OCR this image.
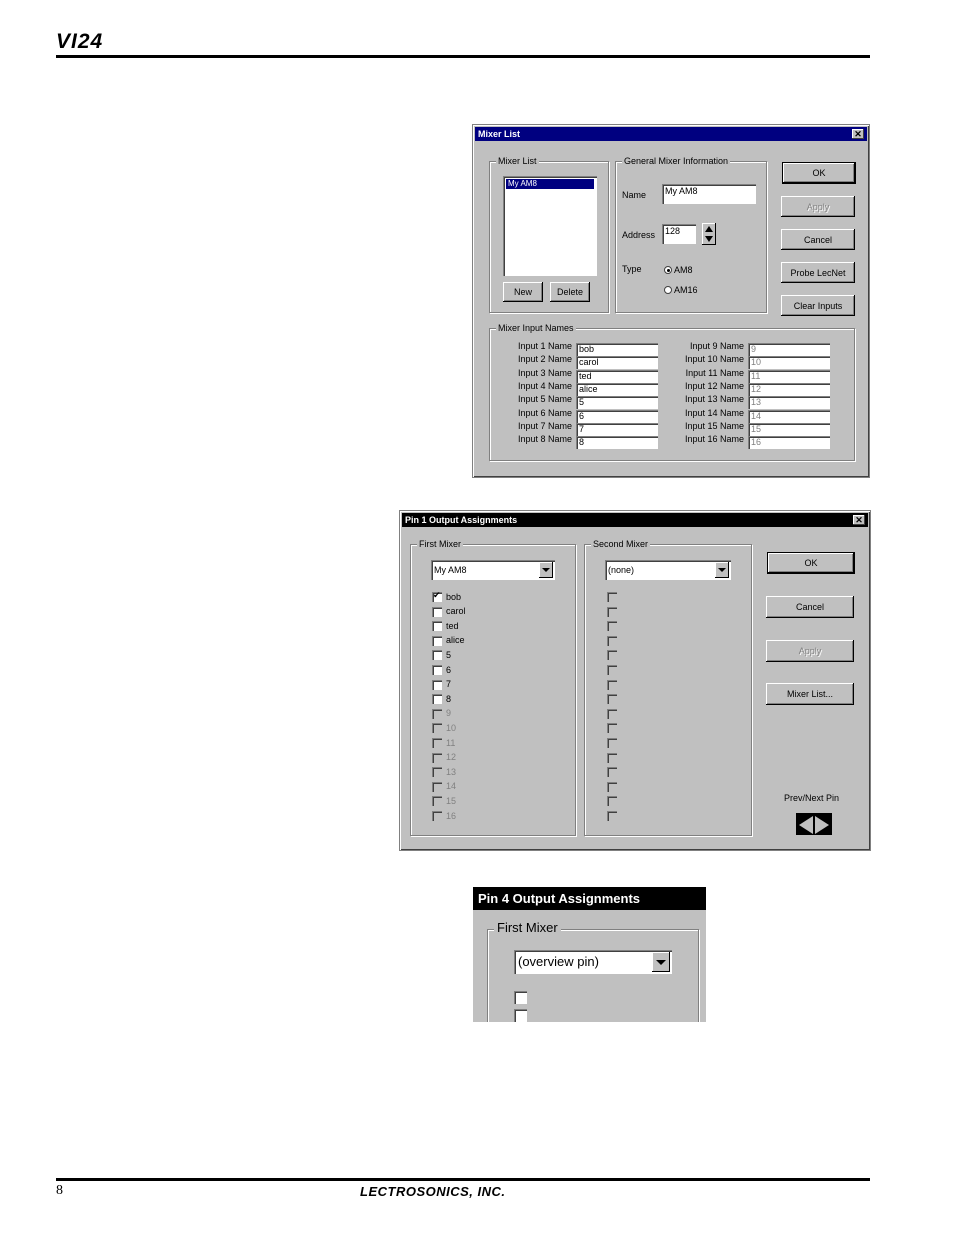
VI24
Mixer List	✕
Mixer List
My AM8
New	Delete
General Mixer Information
Name	My AM8
Address	128
Type	AM8
AM16
OK
Apply
Cancel
Probe LecNet
Clear Inputs
Mixer Input Names
Input 1 Name bob	Input 9 Name 9
Input 2 Name carol	Input 10 Name 10
Input 3 Name ted	Input 11 Name 11
Input 4 Name alice	Input 12 Name 12
Input 5 Name 5	Input 13 Name 13
Input 6 Name 6	Input 14 Name 14
Input 7 Name 7	Input 15 Name 15
Input 8 Name 8	Input 16 Name 16
Pin 1 Output Assignments	✕
First Mixer
My AM8
✔
bob
carol
ted
alice
5
6
7
8
9
10
11
12
13
14
15
16
Second Mixer
(none)
OK
Cancel
Apply
Mixer List...
Prev/Next Pin
Pin 4 Output Assignments
First Mixer
(overview pin)
8	LECTROSONICS, INC.
